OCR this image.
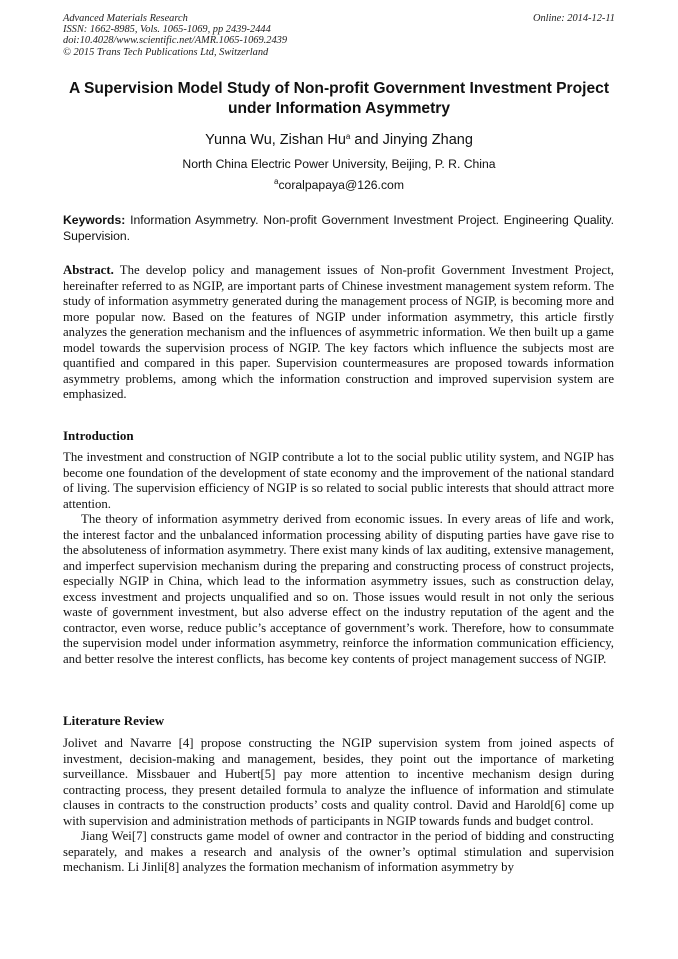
Advanced Materials Research
ISSN: 1662-8985, Vols. 1065-1069, pp 2439-2444
doi:10.4028/www.scientific.net/AMR.1065-1069.2439
© 2015 Trans Tech Publications Ltd, Switzerland
Online: 2014-12-11
A Supervision Model Study of Non-profit Government Investment Project under Information Asymmetry
Yunna Wu, Zishan Hu$^a$ and Jinying Zhang
North China Electric Power University, Beijing, P. R. China
$^a$coralpapaya@126.com
Keywords: Information Asymmetry. Non-profit Government Investment Project. Engineering Quality. Supervision.

Abstract. The develop policy and management issues of Non-profit Government Investment Project, hereinafter referred to as NGIP, are important parts of Chinese investment management system reform. The study of information asymmetry generated during the management process of NGIP, is becoming more and more popular now. Based on the features of NGIP under information asymmetry, this article firstly analyzes the generation mechanism and the influences of asymmetric information. We then built up a game model towards the supervision process of NGIP. The key factors which influence the subjects most are quantified and compared in this paper. Supervision countermeasures are proposed towards information asymmetry problems, among which the information construction and improved supervision system are emphasized.

Introduction

The investment and construction of NGIP contribute a lot to the social public utility system, and NGIP has become one foundation of the development of state economy and the improvement of the national standard of living. The supervision efficiency of NGIP is so related to social public interests that should attract more attention.

The theory of information asymmetry derived from economic issues. In every areas of life and work, the interest factor and the unbalanced information processing ability of disputing parties have gave rise to the absoluteness of information asymmetry. There exist many kinds of lax auditing, extensive management, and imperfect supervision mechanism during the preparing and constructing process of construct projects, especially NGIP in China, which lead to the information asymmetry issues, such as construction delay, excess investment and projects unqualified and so on. Those issues would result in not only the serious waste of government investment, but also adverse effect on the industry reputation of the agent and the contractor, even worse, reduce public’s acceptance of government’s work. Therefore, how to consummate the supervision model under information asymmetry, reinforce the information communication efficiency, and better resolve the interest conflicts, has become key contents of project management success of NGIP.

Literature Review

Jolivet and Navarre [4] propose constructing the NGIP supervision system from joined aspects of investment, decision-making and management, besides, they point out the importance of marketing surveillance. Missbauer and Hubert[5] pay more attention to incentive mechanism design during contracting process, they present detailed formula to analyze the influence of information and stimulate clauses in contracts to the construction products’ costs and quality control. David and Harold[6] come up with supervision and administration methods of participants in NGIP towards funds and budget control.

Jiang Wei[7] constructs game model of owner and contractor in the period of bidding and constructing separately, and makes a research and analysis of the owner’s optimal stimulation and supervision mechanism. Li Jinli[8] analyzes the formation mechanism of information asymmetry by
